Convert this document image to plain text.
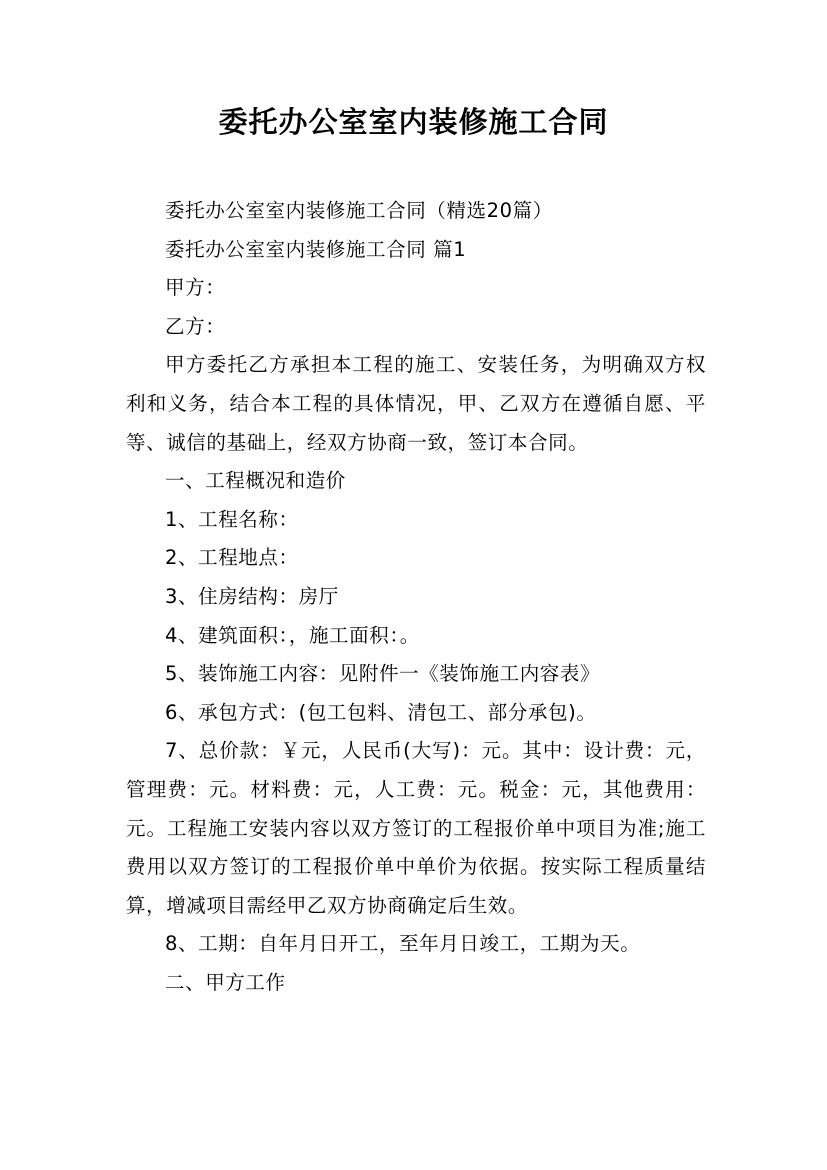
委托办公室室内装修施工合同

委托办公室室内装修施工合同（精选20篇）

委托办公室室内装修施工合同 篇1

甲方：

乙方：

甲方委托乙方承担本工程的施工、安装任务，为明确双方权利和义务，结合本工程的具体情况，甲、乙双方在遵循自愿、平等、诚信的基础上，经双方协商一致，签订本合同。

一、工程概况和造价

1、工程名称：

2、工程地点：

3、住房结构：房厅

4、建筑面积：，施工面积：。

5、装饰施工内容：见附件一《装饰施工内容表》

6、承包方式：(包工包料、清包工、部分承包)。

7、总价款：￥元，人民币(大写)：元。其中：设计费：元，管理费：元。材料费：元，人工费：元。税金：元，其他费用：元。工程施工安装内容以双方签订的工程报价单中项目为准;施工费用以双方签订的工程报价单中单价为依据。按实际工程质量结算，增减项目需经甲乙双方协商确定后生效。

8、工期：自年月日开工，至年月日竣工，工期为天。

二、甲方工作
